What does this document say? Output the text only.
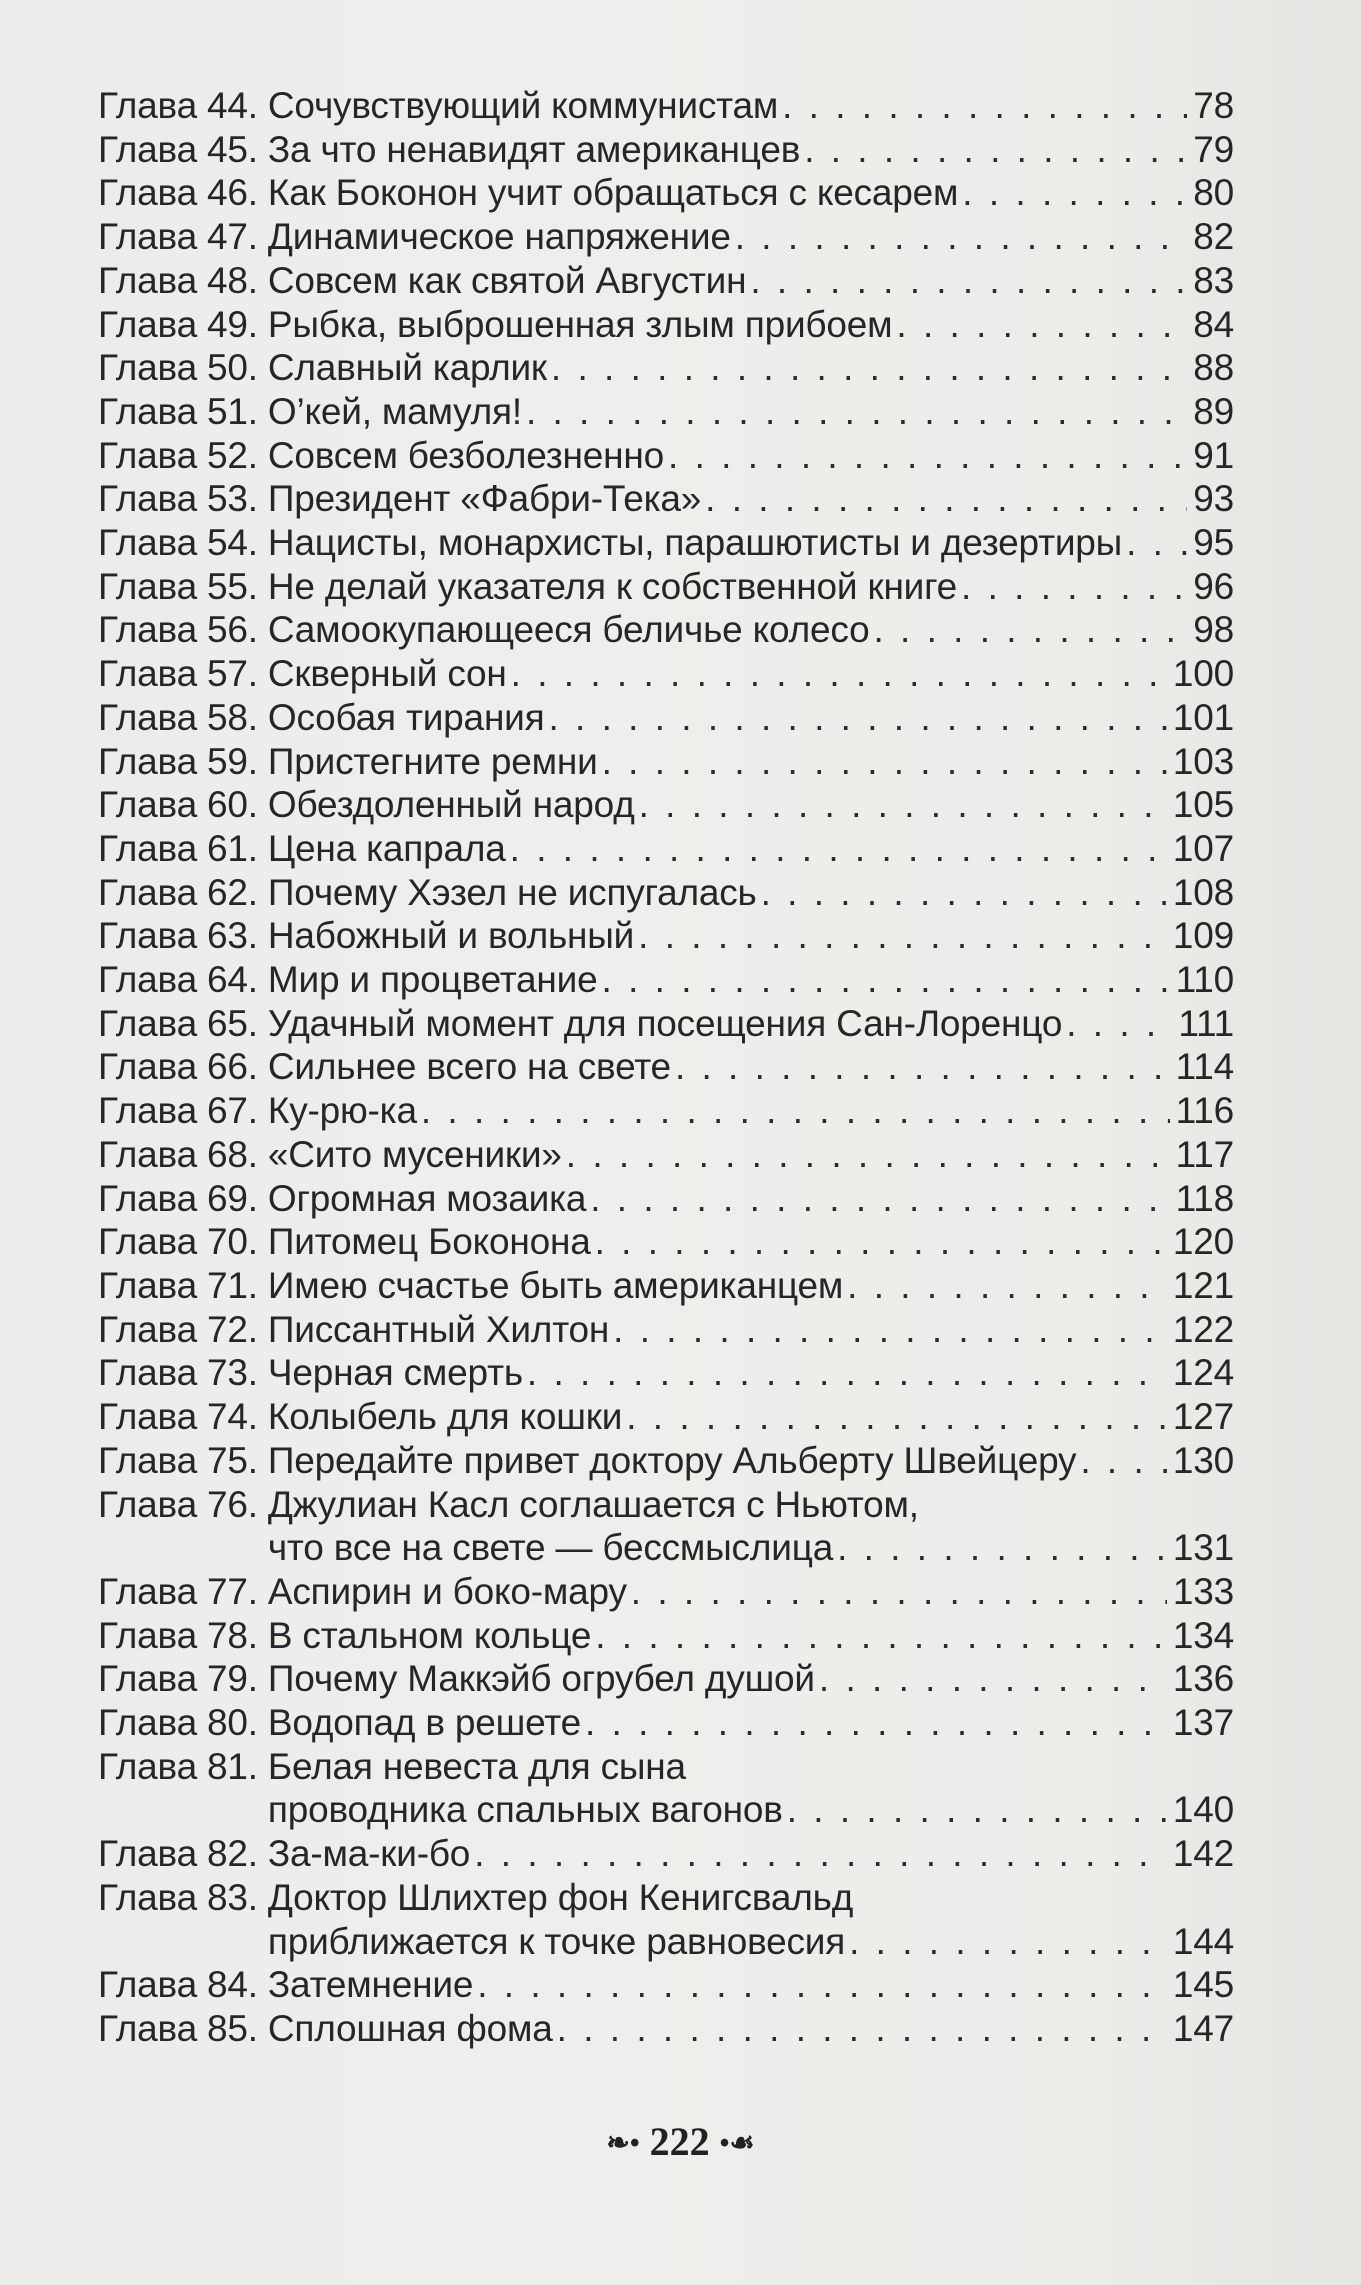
Глава 44. Сочувствующий коммунистам . . .	78
Глава 45. За что ненавидят американцев . . .	79
Глава 46. Как Боконон учит обращаться с кесарем . . .	80
Глава 47. Динамическое напряжение . . .	82
Глава 48. Совсем как святой Августин . . .	83
Глава 49. Рыбка, выброшенная злым прибоем . . .	84
Глава 50. Славный карлик . . .	88
Глава 51. О’кей, мамуля! . . .	89
Глава 52. Совсем безболезненно . . .	91
Глава 53. Президент «Фабри-Тека» . . .	93
Глава 54. Нацисты, монархисты, парашютисты и дезертиры . . . 95
Глава 55. Не делай указателя к собственной книге . . .	96
Глава 56. Самоокупающееся беличье колесо . . .	98
Глава 57. Скверный сон . . .	100
Глава 58. Особая тирания . . .	101
Глава 59. Пристегните ремни . . .	103
Глава 60. Обездоленный народ . . .	105
Глава 61. Цена капрала . . .	107
Глава 62. Почему Хэзел не испугалась . . .	108
Глава 63. Набожный и вольный . . .	109
Глава 64. Мир и процветание . . .	110
Глава 65. Удачный момент для посещения Сан-Лоренцо . . .	111
Глава 66. Сильнее всего на свете . . .	114
Глава 67. Ку-рю-ка . . .	116
Глава 68. «Сито мусеники» . . .	117
Глава 69. Огромная мозаика . . .	118
Глава 70. Питомец Боконона . . .	120
Глава 71. Имею счастье быть американцем . . .	121
Глава 72. Писсантный Хилтон . . .	122
Глава 73. Черная смерть . . .	124
Глава 74. Колыбель для кошки . . .	127
Глава 75. Передайте привет доктору Альберту Швейцеру . . .	130
Глава 76. Джулиан Касл соглашается с Ньютом,
что все на свете — бессмыслица . . .	131
Глава 77. Аспирин и боко-мару . . .	133
Глава 78. В стальном кольце . . .	134
Глава 79. Почему Маккэйб огрубел душой . . .	136
Глава 80. Водопад в решете . . .	137
Глава 81. Белая невеста для сына
проводника спальных вагонов . . .	140
Глава 82. За-ма-ки-бо . . .	142
Глава 83. Доктор Шлихтер фон Кенигсвальд
приближается к точке равновесия . . .	144
Глава 84. Затемнение . . .	145
Глава 85. Сплошная фома . . .	147
❧• 222 •☙
